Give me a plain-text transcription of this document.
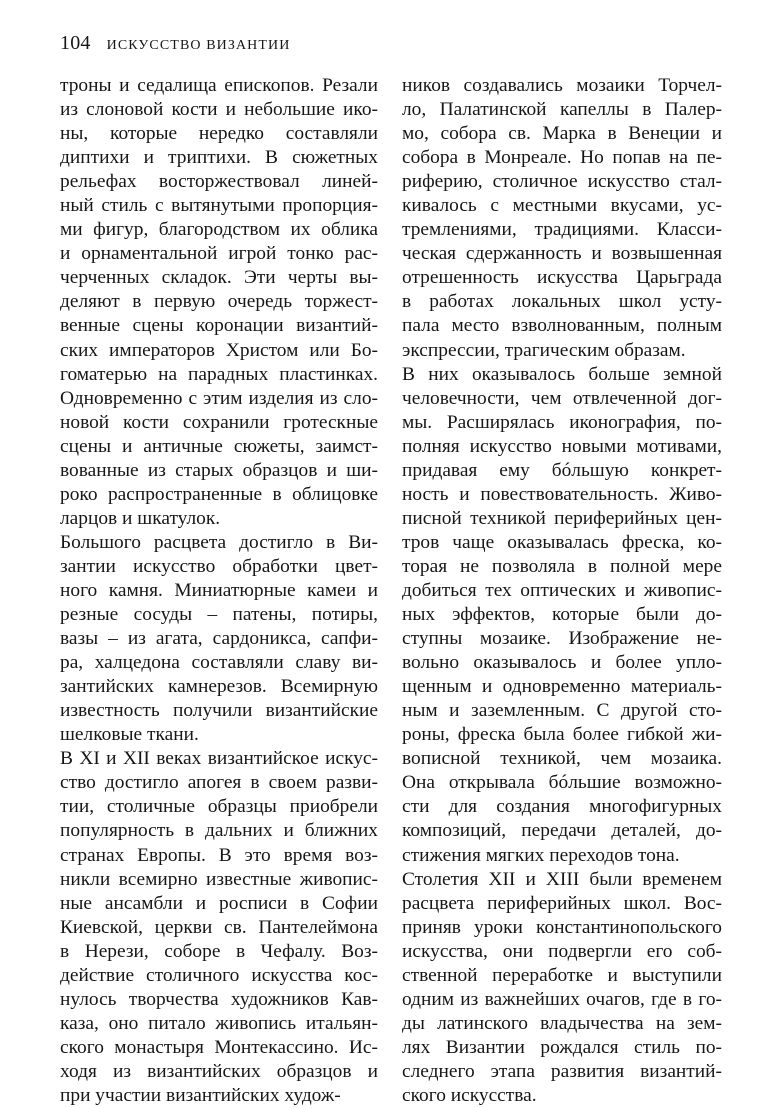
104 ИСКУССТВО ВИЗАНТИИ
троны и седалища епископов. Резали
из слоновой кости и небольшие ико-
ны, которые нередко составляли
диптихи и триптихи. В сюжетных
рельефах восторжествовал линей-
ный стиль с вытянутыми пропорция-
ми фигур, благородством их облика
и орнаментальной игрой тонко рас-
черченных складок. Эти черты вы-
деляют в первую очередь торжест-
венные сцены коронации византий-
ских императоров Христом или Бо-
гоматерью на парадных пластинках.
Одновременно с этим изделия из сло-
новой кости сохранили гротескные
сцены и античные сюжеты, заимст-
вованные из старых образцов и ши-
роко распространенные в облицовке
ларцов и шкатулок.
Большого расцвета достигло в Ви-
зантии искусство обработки цвет-
ного камня. Миниатюрные камеи и
резные сосуды – патены, потиры,
вазы – из агата, сардоникса, сапфи-
ра, халцедона составляли славу ви-
зантийских камнерезов. Всемирную
известность получили византийские
шелковые ткани.
В XI и XII веках византийское искус-
ство достигло апогея в своем разви-
тии, столичные образцы приобрели
популярность в дальних и ближних
странах Европы. В это время воз-
никли всемирно известные живопис-
ные ансамбли и росписи в Софии
Киевской, церкви св. Пантелеймона
в Нерези, соборе в Чефалу. Воз-
действие столичного искусства кос-
нулось творчества художников Кав-
каза, оно питало живопись итальян-
ского монастыря Монтекассино. Ис-
ходя из византийских образцов и
при участии византийских худож-
ников создавались мозаики Торчел-
ло, Палатинской капеллы в Палер-
мо, собора св. Марка в Венеции и
собора в Монреале. Но попав на пе-
риферию, столичное искусство стал-
кивалось с местными вкусами, ус-
тремлениями, традициями. Класси-
ческая сдержанность и возвышенная
отрешенность искусства Царьграда
в работах локальных школ усту-
пала место взволнованным, полным
экспрессии, трагическим образам.
В них оказывалось больше земной
человечности, чем отвлеченной дог-
мы. Расширялась иконография, по-
полняя искусство новыми мотивами,
придавая ему бóльшую конкрет-
ность и повествовательность. Живо-
писной техникой периферийных цен-
тров чаще оказывалась фреска, ко-
торая не позволяла в полной мере
добиться тех оптических и живопис-
ных эффектов, которые были до-
ступны мозаике. Изображение не-
вольно оказывалось и более упло-
щенным и одновременно материаль-
ным и заземленным. С другой сто-
роны, фреска была более гибкой жи-
вописной техникой, чем мозаика.
Она открывала бóльшие возможно-
сти для создания многофигурных
композиций, передачи деталей, до-
стижения мягких переходов тона.
Столетия XII и XIII были временем
расцвета периферийных школ. Вос-
приняв уроки константинопольского
искусства, они подвергли его соб-
ственной переработке и выступили
одним из важнейших очагов, где в го-
ды латинского владычества на зем-
лях Византии рождался стиль по-
следнего этапа развития византий-
ского искусства.
